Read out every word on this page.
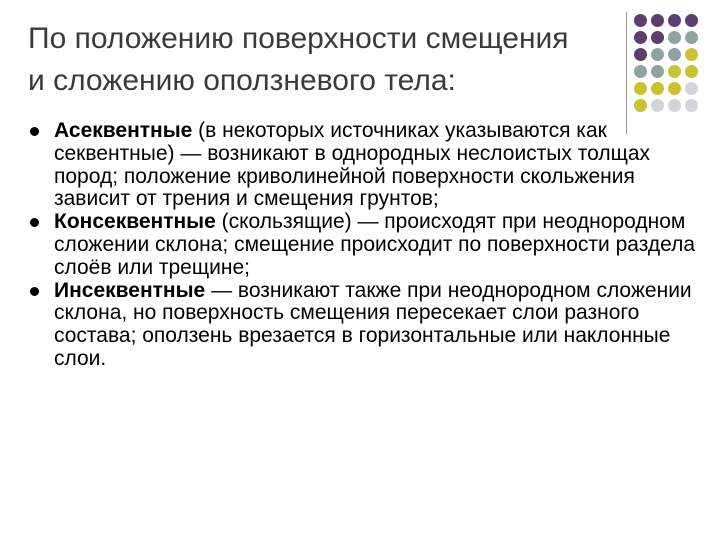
По положению поверхности смещения
и сложению оползневого тела:
Асеквентные (в некоторых источниках указываются как секвентные) — возникают в однородных неслоистых толщах пород; положение криволинейной поверхности скольжения зависит от трения и смещения грунтов;
Консеквентные (скользящие) — происходят при неоднородном сложении склона; смещение происходит по поверхности раздела слоёв или трещине;
Инсеквентные — возникают также при неоднородном сложении склона, но поверхность смещения пересекает слои разного состава; оползень врезается в горизонтальные или наклонные слои.
